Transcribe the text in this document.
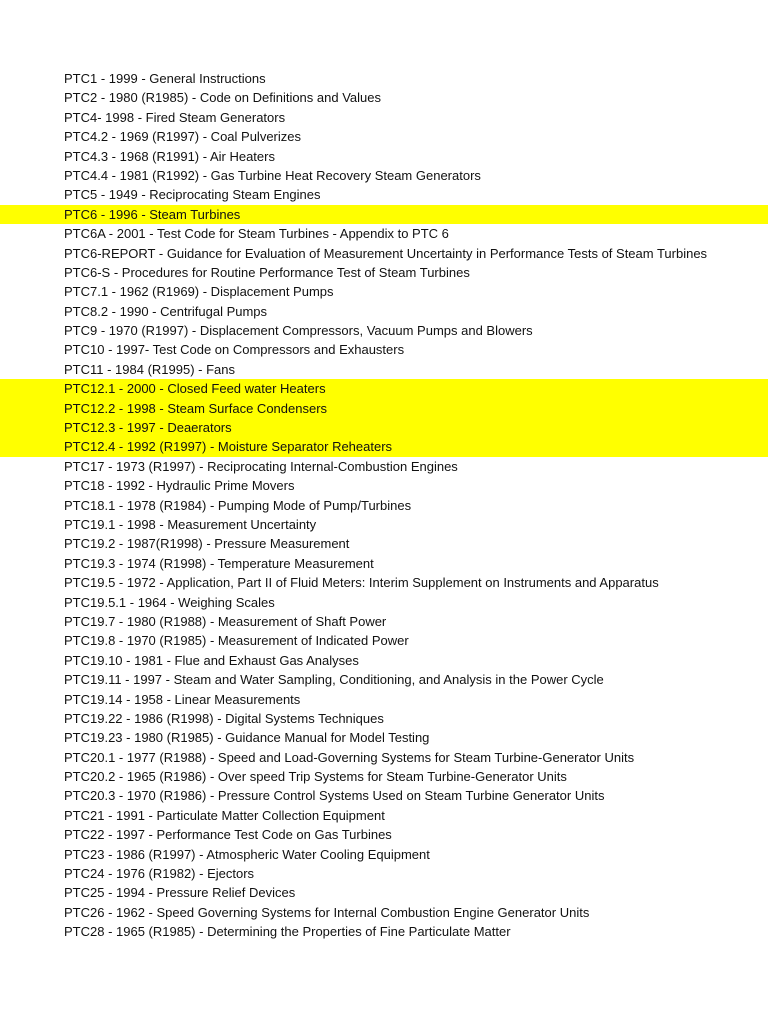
PTC1 - 1999 - General Instructions
PTC2 - 1980 (R1985) - Code on Definitions and Values
PTC4- 1998 - Fired Steam Generators
PTC4.2 - 1969 (R1997) - Coal Pulverizes
PTC4.3 - 1968 (R1991) - Air Heaters
PTC4.4 - 1981 (R1992) - Gas Turbine Heat Recovery Steam Generators
PTC5 - 1949 - Reciprocating Steam Engines
PTC6 - 1996 - Steam Turbines
PTC6A - 2001 - Test Code for Steam Turbines - Appendix to PTC 6
PTC6-REPORT - Guidance for Evaluation of Measurement Uncertainty in Performance Tests of Steam Turbines
PTC6-S - Procedures for Routine Performance Test of Steam Turbines
PTC7.1 - 1962 (R1969) - Displacement Pumps
PTC8.2 - 1990 - Centrifugal Pumps
PTC9 - 1970 (R1997) - Displacement Compressors, Vacuum Pumps and Blowers
PTC10 - 1997- Test Code on Compressors and Exhausters
PTC11 - 1984 (R1995) - Fans
PTC12.1 - 2000 - Closed Feed water Heaters
PTC12.2 - 1998 - Steam Surface Condensers
PTC12.3 - 1997 - Deaerators
PTC12.4 - 1992 (R1997) - Moisture Separator Reheaters
PTC17 - 1973 (R1997) - Reciprocating Internal-Combustion Engines
PTC18 - 1992 - Hydraulic Prime Movers
PTC18.1 - 1978 (R1984) - Pumping Mode of Pump/Turbines
PTC19.1 - 1998 - Measurement Uncertainty
PTC19.2 - 1987(R1998) - Pressure Measurement
PTC19.3 - 1974 (R1998) - Temperature Measurement
PTC19.5 - 1972 - Application, Part II of Fluid Meters: Interim Supplement on Instruments and Apparatus
PTC19.5.1 - 1964 - Weighing Scales
PTC19.7 - 1980 (R1988) - Measurement of Shaft Power
PTC19.8 - 1970 (R1985) - Measurement of Indicated Power
PTC19.10 - 1981 - Flue and Exhaust Gas Analyses
PTC19.11 - 1997 - Steam and Water Sampling, Conditioning, and Analysis in the Power Cycle
PTC19.14 - 1958 - Linear Measurements
PTC19.22 - 1986 (R1998) - Digital Systems Techniques
PTC19.23 - 1980 (R1985) - Guidance Manual for Model Testing
PTC20.1 - 1977 (R1988) - Speed and Load-Governing Systems for Steam Turbine-Generator Units
PTC20.2 - 1965 (R1986) - Over speed Trip Systems for Steam Turbine-Generator Units
PTC20.3 - 1970 (R1986) - Pressure Control Systems Used on Steam Turbine Generator Units
PTC21 - 1991 - Particulate Matter Collection Equipment
PTC22 - 1997 - Performance Test Code on Gas Turbines
PTC23 - 1986 (R1997) - Atmospheric Water Cooling Equipment
PTC24 - 1976 (R1982) - Ejectors
PTC25 - 1994 - Pressure Relief Devices
PTC26 - 1962 - Speed Governing Systems for Internal Combustion Engine Generator Units
PTC28 - 1965 (R1985) - Determining the Properties of Fine Particulate Matter
